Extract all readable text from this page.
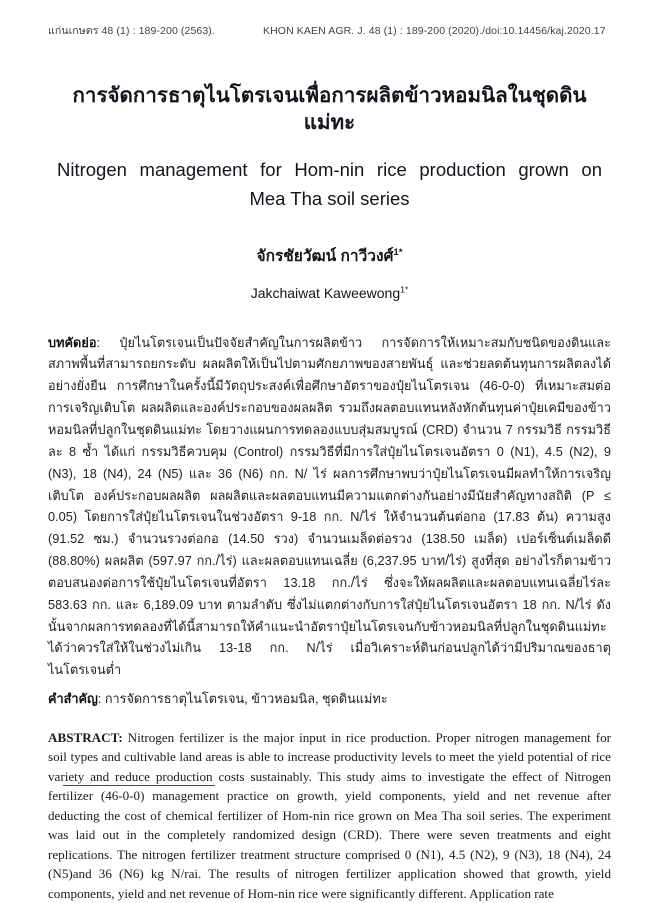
แก่นเกษตร 48 (1) : 189-200 (2563).	KHON KAEN AGR. J. 48 (1) : 189-200 (2020)./doi:10.14456/kaj.2020.17
การจัดการธาตุไนโตรเจนเพื่อการผลิตข้าวหอมนิลในชุดดินแม่ทะ
Nitrogen management for Hom-nin rice production grown on
Mea Tha soil series
จักรชัยวัฒน์ กาวีวงศ์$^{1*}$
Jakchaiwat Kaweewong$^{1*}$
บทคัดย่อ: ปุ๋ยไนโตรเจนเป็นปัจจัยสำคัญในการผลิตข้าว การจัดการให้เหมาะสมกับชนิดของดินและสภาพพื้นที่สามารถยกระดับ ผลผลิตให้เป็นไปตามศักยภาพของสายพันธุ์ และช่วยลดต้นทุนการผลิตลงได้อย่างยั่งยืน การศึกษาในครั้งนี้มีวัตถุประสงค์เพื่อศึกษาอัตราของปุ๋ยไนโตรเจน (46-0-0) ที่เหมาะสมต่อการเจริญเติบโต ผลผลิตและองค์ประกอบของผลผลิต รวมถึงผลตอบแทนหลังหักต้นทุนค่าปุ๋ยเคมีของข้าวหอมนิลที่ปลูกในชุดดินแม่ทะ โดยวางแผนการทดลองแบบสุ่มสมบูรณ์ (CRD) จำนวน 7 กรรมวิธี กรรมวิธีละ 8 ซ้ำ ได้แก่ กรรมวิธีควบคุม (Control) กรรมวิธีที่มีการใส่ปุ๋ยไนโตรเจนอัตรา 0 (N1), 4.5 (N2), 9 (N3), 18 (N4), 24 (N5) และ 36 (N6) กก. N/ ไร่ ผลการศึกษาพบว่าปุ๋ยไนโตรเจนมีผลทำให้การเจริญเติบโต องค์ประกอบผลผลิต ผลผลิตและผลตอบแทนมีความแตกต่างกันอย่างมีนัยสำคัญทางสถิติ (P ≤ 0.05) โดยการใส่ปุ๋ยไนโตรเจนในช่วงอัตรา 9-18 กก. N/ไร่ ให้จำนวนต้นต่อกอ (17.83 ต้น) ความสูง (91.52 ซม.) จำนวนรวงต่อกอ (14.50 รวง) จำนวนเมล็ดต่อรวง (138.50 เมล็ด) เปอร์เซ็นต์เมล็ดดี (88.80%) ผลผลิต (597.97 กก./ไร่) และผลตอบแทนเฉลี่ย (6,237.95 บาท/ไร่) สูงที่สุด อย่างไรก็ตามข้าวตอบสนองต่อการใช้ปุ๋ยไนโตรเจนที่อัตรา 13.18 กก./ไร่ ซึ่งจะให้ผลผลิตและผลตอบแทนเฉลี่ยไร่ละ 583.63 กก. และ 6,189.09 บาท ตามลำดับ ซึ่งไม่แตกต่างกับการใส่ปุ๋ยไนโตรเจนอัตรา 18 กก. N/ไร่ ดังนั้นจากผลการทดลองที่ได้นี้สามารถให้คำแนะนำอัตราปุ๋ยไนโตรเจนกับข้าวหอมนิลที่ปลูกในชุดดินแม่ทะได้ว่าควรใส่ให้ในช่วงไม่เกิน 13-18 กก. N/ไร่ เมื่อวิเคราะห์ดินก่อนปลูกได้ว่ามีปริมาณของธาตุไนโตรเจนต่ำ
คำสำคัญ: การจัดการธาตุไนโตรเจน, ข้าวหอมนิล, ชุดดินแม่ทะ
ABSTRACT: Nitrogen fertilizer is the major input in rice production. Proper nitrogen management for soil types and cultivable land areas is able to increase productivity levels to meet the yield potential of rice variety and reduce production costs sustainably. This study aims to investigate the effect of Nitrogen fertilizer (46-0-0) management practice on growth, yield components, yield and net revenue after deducting the cost of chemical fertilizer of Hom-nin rice grown on Mea Tha soil series. The experiment was laid out in the completely randomized design (CRD). There were seven treatments and eight replications. The nitrogen fertilizer treatment structure comprised 0 (N1), 4.5 (N2), 9 (N3), 18 (N4), 24 (N5)and 36 (N6) kg N/rai. The results of nitrogen fertilizer application showed that growth, yield components, yield and net revenue of Hom-nin rice were significantly different. Application rate
